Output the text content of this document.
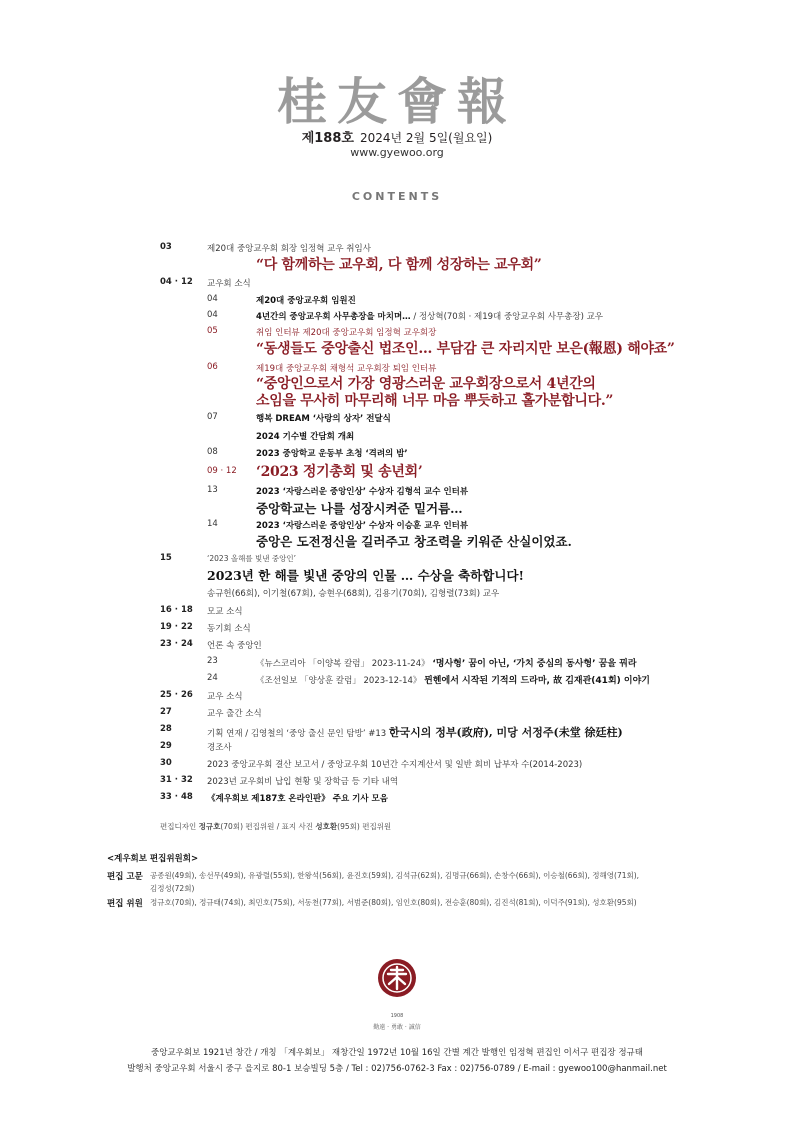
桂友會報
제188호 2024년 2월 5일(월요일)
www.gyewoo.org
CONTENTS
03	제20대 중앙교우회 회장 임정혁 교우 취임사
“다 함께하는 교우회, 다 함께 성장하는 교우회”
04 · 12 교우회 소식
04	제20대 중앙교우회 임원진
04	4년간의 중앙교우회 사무총장을 마치며… / 정상혁(70회 · 제19대 중앙교우회 사무총장) 교우
05	취임 인터뷰 제20대 중앙교우회 임정혁 교우회장
“동생들도 중앙출신 법조인… 부담감 큰 자리지만 보은(報恩) 해야죠”
06	제19대 중앙교우회 채형석 교우회장 퇴임 인터뷰
“중앙인으로서 가장 영광스러운 교우회장으로서 4년간의
소임을 무사히 마무리해 너무 마음 뿌듯하고 홀가분합니다.”
07	행복 DREAM ‘사랑의 상자’ 전달식
2024 기수별 간담회 개최
08	2023 중앙학교 운동부 초청 ‘격려의 밤’
09 · 12 ‘2023 정기총회 및 송년회’
13	2023 ‘자랑스러운 중앙인상’ 수상자 김형석 교수 인터뷰
중앙학교는 나를 성장시켜준 밑거름…
14	2023 ‘자랑스러운 중앙인상’ 수상자 이승훈 교우 인터뷰
중앙은 도전정신을 길러주고 창조력을 키워준 산실이었죠.
15	‘2023 올해를 빛낸 중앙인’
2023년 한 해를 빛낸 중앙의 인물 … 수상을 축하합니다!
송규헌(66회), 이기철(67회), 승현우(68회), 김용기(70회), 김형렬(73회) 교우
16 · 18 모교 소식
19 · 22 동기회 소식
23 · 24 언론 속 중앙인
23	《뉴스코리아 「이양복 칼럼」 2023-11-24》 ‘명사형’ 꿈이 아닌, ‘가치 중심의 동사형’ 꿈을 꿔라
24	《조선일보 「양상훈 칼럼」 2023-12-14》 뮌헨에서 시작된 기적의 드라마, 故 김재관(41회) 이야기
25 · 26 교우 소식
27	교우 출간 소식
28	기획 연재 / 김영철의 ‘중앙 출신 문인 탐방’ #13 한국시의 정부(政府), 미당 서정주(未堂 徐廷柱)
29	경조사
30	2023 중앙교우회 결산 보고서 / 중앙교우회 10년간 수지계산서 및 일반 회비 납부자 수(2014-2023)
31 · 32 2023년 교우회비 납입 현황 및 장학금 등 기타 내역
33 · 48 《계우회보 제187호 온라인판》 주요 기사 모음
편집디자인 정규호(70회) 편집위원 / 표지 사진 성호환(95회) 편집위원
<계우회보 편집위원회>
편집 고문 공종원(49회), 송선무(49회), 유광렬(55회), 한왕석(56회), 윤진호(59회), 김석규(62회), 김명규(66회), 손창수(66회), 이승철(66회), 정해영(71회),
김정성(72회)
편집 위원 정규호(70회), 정규태(74회), 최민호(75회), 서동천(77회), 서범준(80회), 임인호(80회), 전승훈(80회), 김진석(81회), 이덕주(91회), 성호환(95회)
1908
勤遠 · 勇敢 · 誠信
중앙교우회보 1921년 창간 / 개칭 「계우회보」 재창간일 1972년 10월 16일 간별 계간 발행인 임정혁 편집인 이서구 편집장 정규태
발행처 중앙교우회 서울시 중구 을지로 80-1 보승빌딩 5층 / Tel : 02)756-0762-3 Fax : 02)756-0789 / E-mail : gyewoo100@hanmail.net
